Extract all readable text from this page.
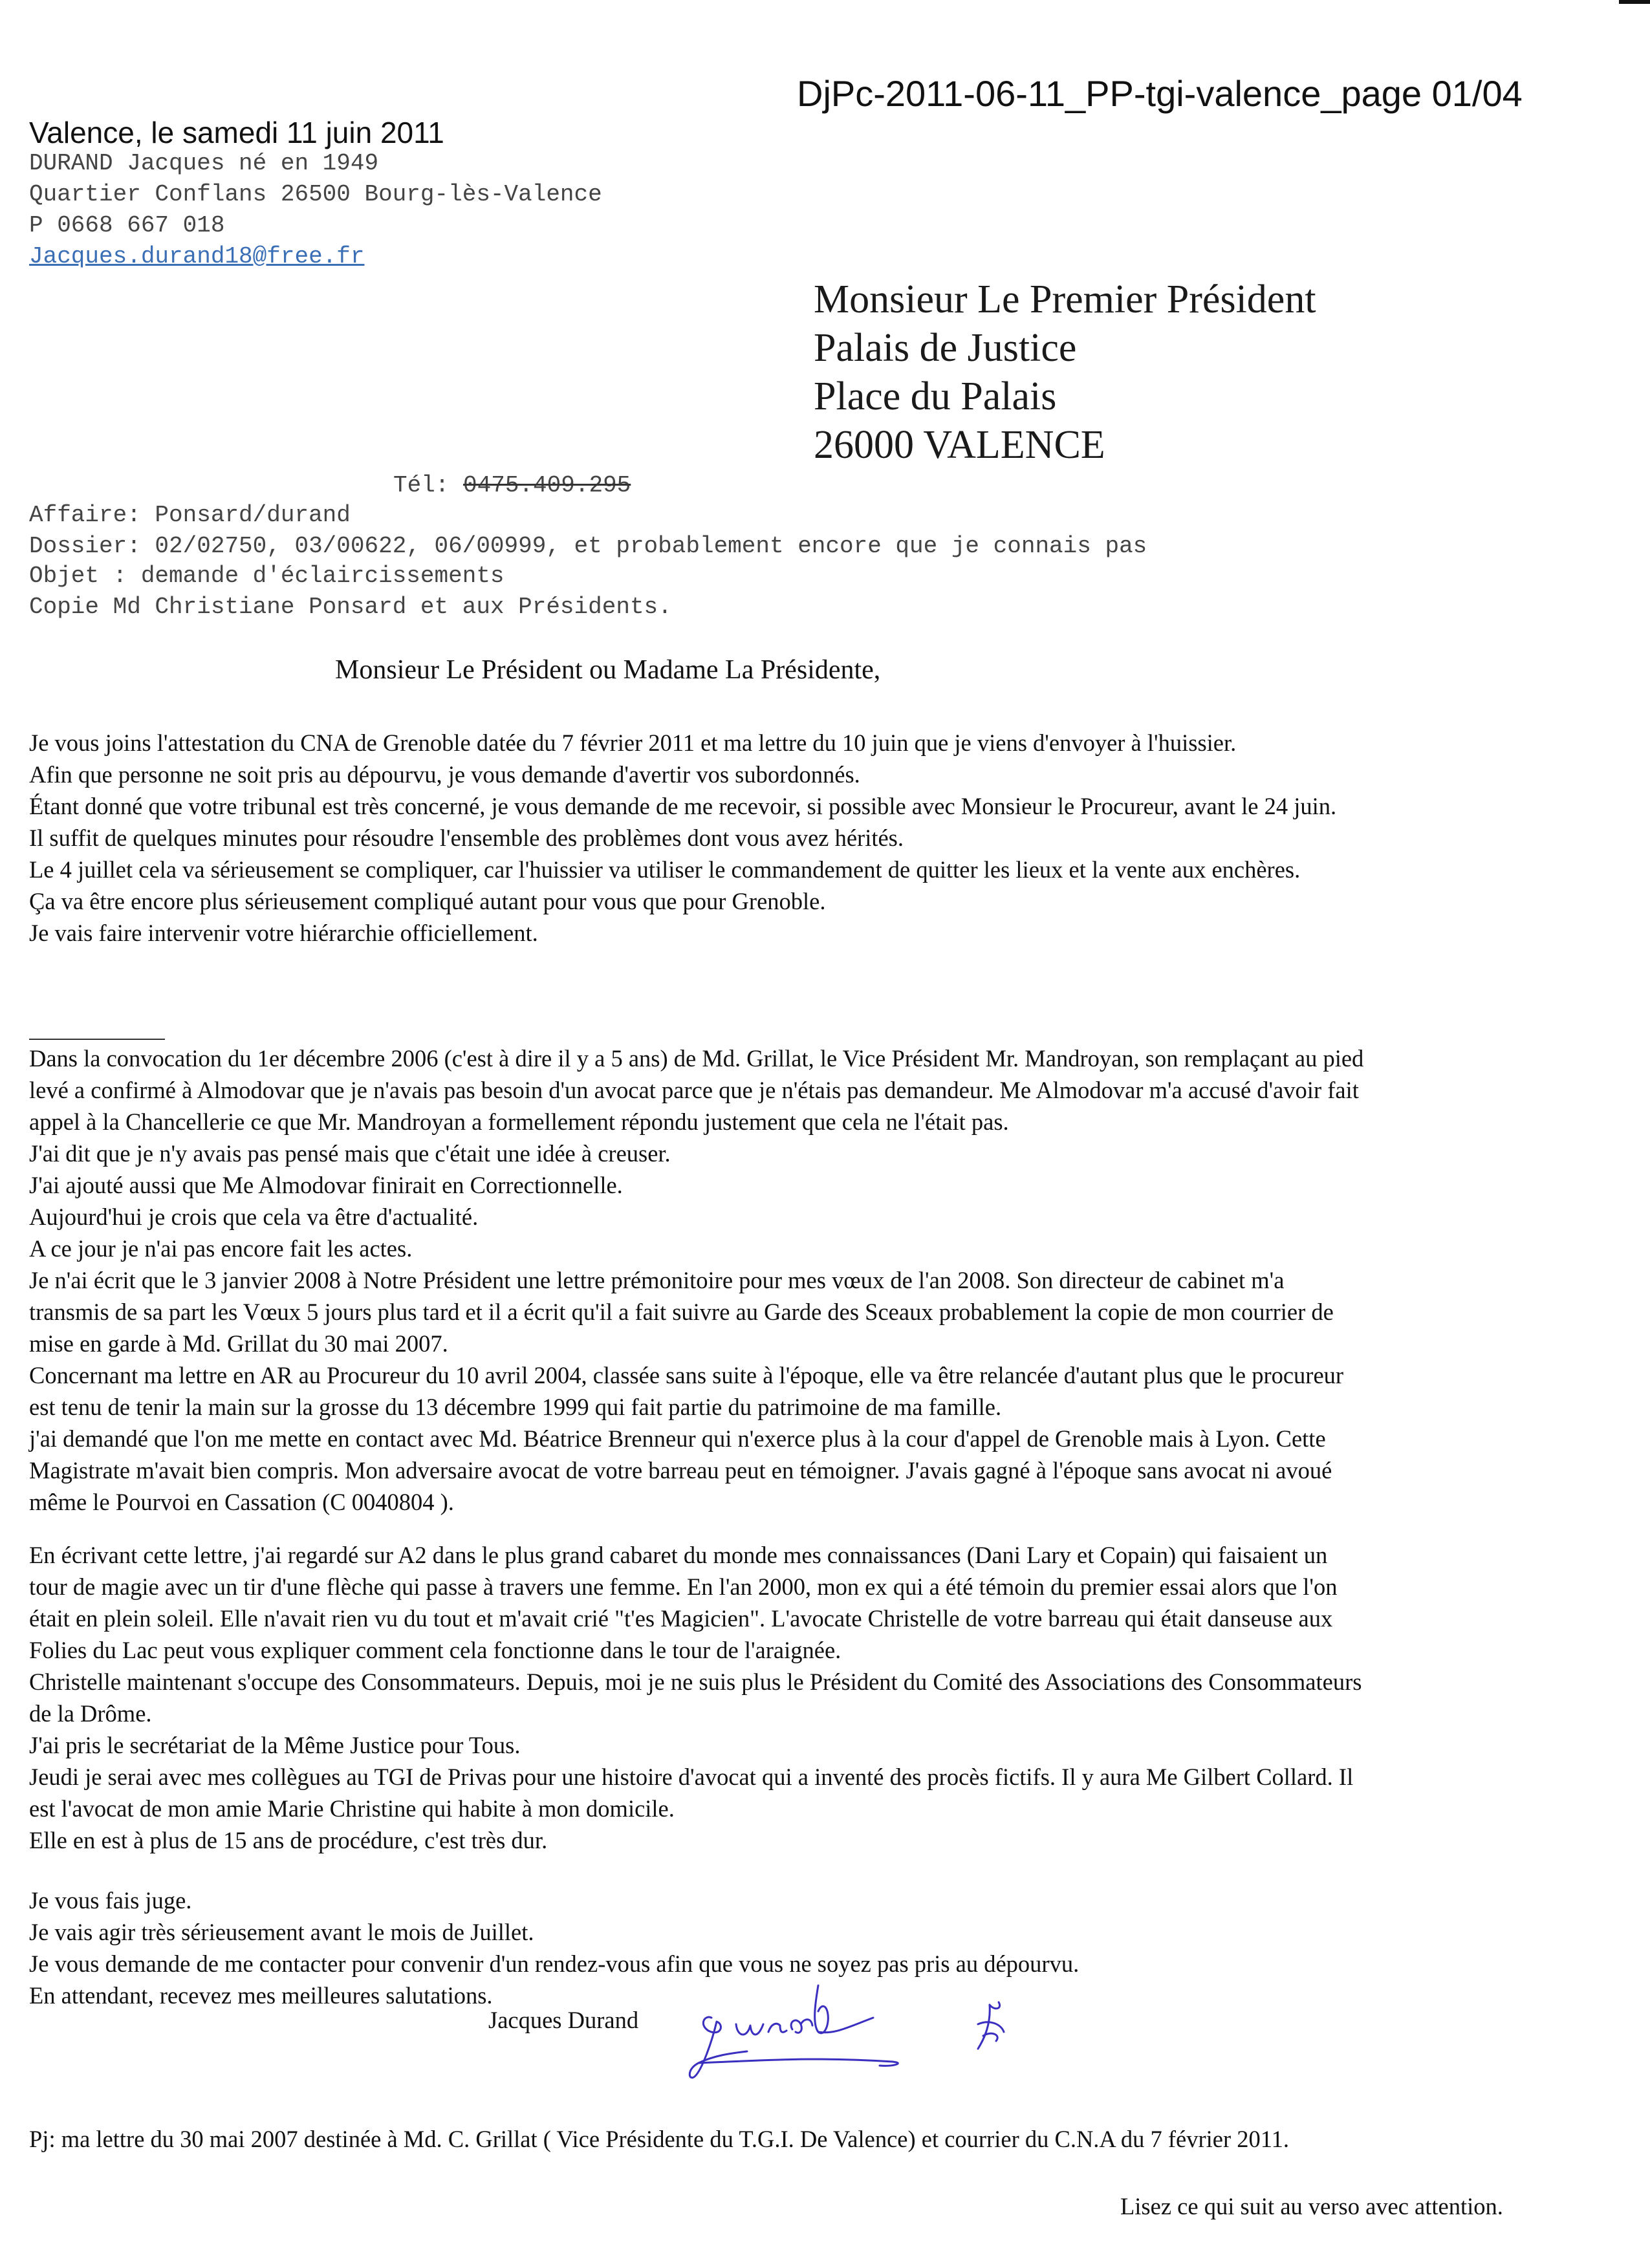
DjPc-2011-06-11_PP-tgi-valence_page 01/04
Valence, le samedi 11 juin 2011
DURAND Jacques né en 1949
Quartier Conflans 26500 Bourg-lès-Valence
P 0668 667 018
Jacques.durand18@free.fr
Monsieur Le Premier Président
Palais de Justice
Place du Palais
26000 VALENCE
Tél: 0475.409.295
Affaire: Ponsard/durand
Dossier: 02/02750, 03/00622, 06/00999, et probablement encore que je connais pas
Objet : demande d'éclaircissements
Copie Md Christiane Ponsard et aux Présidents.
Monsieur Le Président ou Madame La Présidente,
Je vous joins l'attestation du CNA de Grenoble datée du 7 février 2011 et ma lettre du 10 juin que je viens d'envoyer à l'huissier.
Afin que personne ne soit pris au dépourvu, je vous demande d'avertir vos subordonnés.
Étant donné que votre tribunal est très concerné, je vous demande de me recevoir, si possible avec Monsieur le Procureur, avant le 24 juin.
Il suffit de quelques minutes pour résoudre l'ensemble des problèmes dont vous avez hérités.
Le 4 juillet cela va sérieusement se compliquer, car l'huissier va utiliser le commandement de quitter les lieux et la vente aux enchères.
Ça va être encore plus sérieusement compliqué autant pour vous que pour Grenoble.
Je vais faire intervenir votre hiérarchie officiellement.
Dans la convocation du 1er décembre 2006 (c'est à dire il y a 5 ans) de Md. Grillat, le Vice Président Mr. Mandroyan, son remplaçant au pied
levé a confirmé à Almodovar que je n'avais pas besoin d'un avocat parce que je n'étais pas demandeur. Me Almodovar m'a accusé d'avoir fait
appel à la Chancellerie ce que Mr. Mandroyan a formellement répondu justement que cela ne l'était pas.
J'ai dit que je n'y avais pas pensé mais que c'était une idée à creuser.
J'ai ajouté aussi que Me Almodovar finirait en Correctionnelle.
Aujourd'hui je crois que cela va être d'actualité.
A ce jour je n'ai pas encore fait les actes.
Je n'ai écrit que le 3 janvier 2008 à Notre Président une lettre prémonitoire pour mes vœux de l'an 2008. Son directeur de cabinet m'a
transmis de sa part les Vœux 5 jours plus tard et il a écrit qu'il a fait suivre au Garde des Sceaux probablement la copie de mon courrier de
mise en garde à Md. Grillat du 30 mai 2007.
Concernant ma lettre en AR au Procureur du 10 avril 2004, classée sans suite à l'époque, elle va être relancée d'autant plus que le procureur
est tenu de tenir la main sur la grosse du 13 décembre 1999 qui fait partie du patrimoine de ma famille.
j'ai demandé que l'on me mette en contact avec Md. Béatrice Brenneur qui n'exerce plus à la cour d'appel de Grenoble mais à Lyon. Cette
Magistrate m'avait bien compris. Mon adversaire avocat de votre barreau peut en témoigner. J'avais gagné à l'époque sans avocat ni avoué
même le Pourvoi en Cassation (C 0040804 ).
En écrivant cette lettre, j'ai regardé sur A2 dans le plus grand cabaret du monde mes connaissances (Dani Lary et Copain) qui faisaient un
tour de magie avec un tir d'une flèche qui passe à travers une femme. En l'an 2000, mon ex qui a été témoin du premier essai alors que l'on
était en plein soleil. Elle n'avait rien vu du tout et m'avait crié "t'es Magicien". L'avocate Christelle de votre barreau qui était danseuse aux
Folies du Lac peut vous expliquer comment cela fonctionne dans le tour de l'araignée.
Christelle maintenant s'occupe des Consommateurs. Depuis, moi je ne suis plus le Président du Comité des Associations des Consommateurs
de la Drôme.
J'ai pris le secrétariat de la Même Justice pour Tous.
Jeudi je serai avec mes collègues au TGI de Privas pour une histoire d'avocat qui a inventé des procès fictifs. Il y aura Me Gilbert Collard. Il
est l'avocat de mon amie Marie Christine qui habite à mon domicile.
Elle en est à plus de 15 ans de procédure, c'est très dur.
Je vous fais juge.
Je vais agir très sérieusement avant le mois de Juillet.
Je vous demande de me contacter pour convenir d'un rendez-vous afin que vous ne soyez pas pris au dépourvu.
En attendant, recevez mes meilleures salutations.
Jacques Durand
Pj: ma lettre du 30 mai 2007 destinée à Md. C. Grillat ( Vice Présidente du T.G.I. De Valence) et courrier du C.N.A du 7 février 2011.
Lisez ce qui suit au verso avec attention.
